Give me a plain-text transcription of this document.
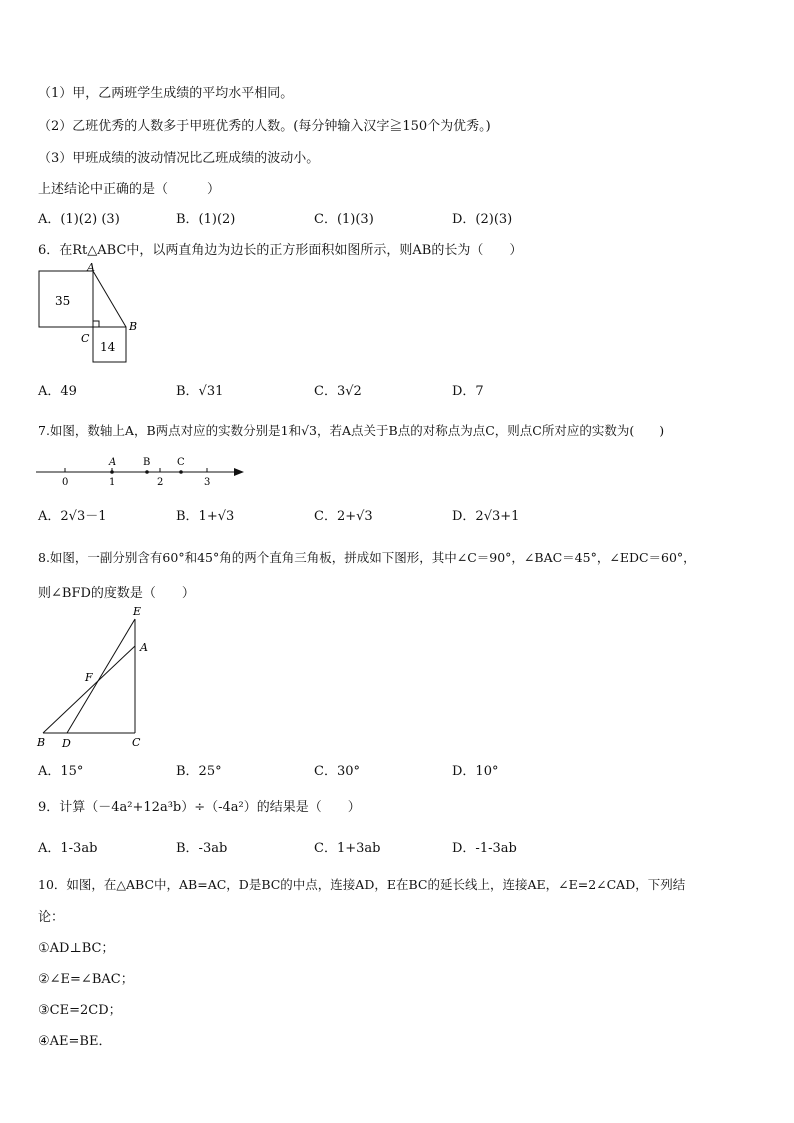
（1）甲，乙两班学生成绩的平均水平相同。
（2）乙班优秀的人数多于甲班优秀的人数。(每分钟输入汉字≧150个为优秀。)
（3）甲班成绩的波动情况比乙班成绩的波动小。
上述结论中正确的是（　　　）
A．(1)(2) (3)	B．(1)(2)	C．(1)(3)	D．(2)(3)
6．在Rt△ABC中，以两直角边为边长的正方形面积如图所示，则AB的长为（　　）
35
14
A
B
C
A．49	B．√31	C．3√2	D．7
7.如图，数轴上A，B两点对应的实数分别是1和√3，若A点关于B点的对称点为点C，则点C所对应的实数为(　　)
0	1	2	3
A	B	C
A．2√3－1	B．1+√3	C．2+√3	D．2√3+1
8.如图，一副分别含有60°和45°角的两个直角三角板，拼成如下图形，其中∠C＝90°，∠BAC＝45°，∠EDC＝60°，
则∠BFD的度数是（　　）
E
A
F
B D	C
A．15°	B．25°	C．30°	D．10°
9．计算（－4a²+12a³b）÷（-4a²）的结果是（　　）
A．1-3ab	B．-3ab	C．1+3ab	D．-1-3ab
10．如图，在△ABC中，AB=AC，D是BC的中点，连接AD，E在BC的延长线上，连接AE，∠E=2∠CAD，下列结
论：
①AD⊥BC；
②∠E=∠BAC；
③CE=2CD；
④AE=BE．
